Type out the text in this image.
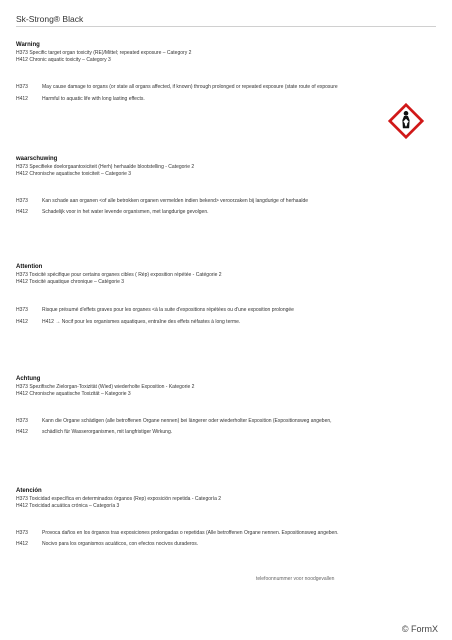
Sk-Strong® Black
Warning
H373 Specific target organ toxicity (RE)/Mittel; repeated exposure – Category 2
H412 Chronic aquatic toxicity – Category 3
H373	May cause damage to organs (or state all organs affected, if known) through prolonged or repeated exposure (state route of exposure
H412	Harmful to aquatic life with long lasting effects.
waarschuwing
H373 Specifieke doelorgaantoxiciteit (Herh) herhaalde blootstelling - Categorie 2
H412 Chronische aquatische toxiciteit – Categorie 3
H373	Kan schade aan organen <of alle betrokken organen vermelden indien bekend> veroorzaken bij langdurige of herhaalde
H412	Schadelijk voor in het water levende organismen, met langdurige gevolgen.
Attention
H373 Toxicité spécifique pour certains organes cibles ( Rép) exposition répétée - Catégorie 2
H412 Toxicité aquatique chronique – Catégorie 3
H373	Risque présumé d'effets graves pour les organes <à la suite d'expositions répétées ou d'une exposition prolongée
H412	H412 → Nocif pour les organismes aquatiques, entraîne des effets néfastes à long terme.
Achtung
H373 Spezifische Zielorgan-Toxizität (Wied) wiederholte Exposition - Kategorie 2
H412 Chronische aquatische Toxizität – Kategorie 3
H373	Kann die Organe schädigen (alle betroffenen Organe nennen) bei längerer oder wiederholter Exposition (Expositionsweg angeben,
H412	schädlich für Wasserorganismen, mit langfristiger Wirkung.
Atención
H373 Toxicidad específica en determinados órganos (Rep) exposición repetida - Categoría 2
H412 Toxicidad acuática crónica – Categoría 3
H373	Provoca daños en los órganos tras exposiciones prolongadas o repetidas (Alle betroffenen Organe nennen. Expositionsweg angeben.
H412	Nocivo para los organismos acuáticos, con efectos nocivos duraderos.
telefoonnummer voor noodgevallen
© FormX
